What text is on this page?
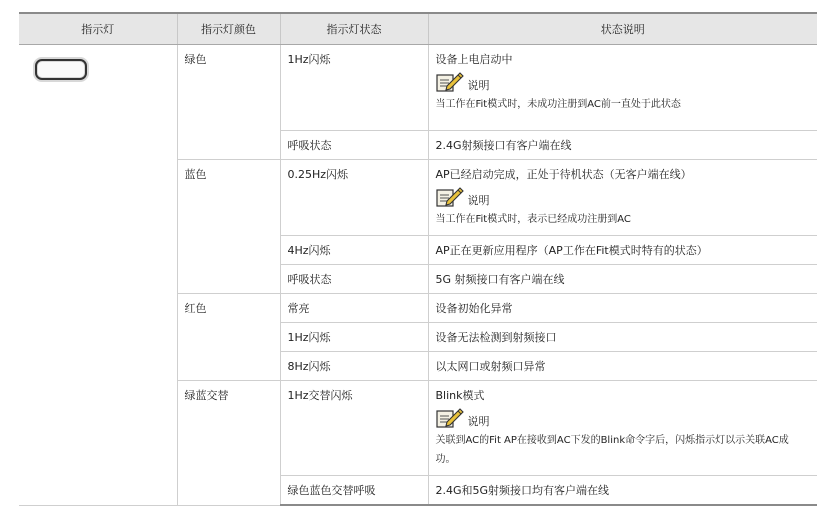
指示灯	指示灯颜色	指示灯状态	状态说明

	绿色	1Hz闪烁	设备上电启动中
说明
当工作在Fit模式时，未成功注册到AC前一直处于此状态

		呼吸状态	2.4G射频接口有客户端在线
	蓝色	0.25Hz闪烁	AP已经启动完成，正处于待机状态（无客户端在线）
说明
当工作在Fit模式时，表示已经成功注册到AC

		4Hz闪烁	AP正在更新应用程序（AP工作在Fit模式时特有的状态）
		呼吸状态	5G 射频接口有客户端在线
	红色	常亮	设备初始化异常
		1Hz闪烁	设备无法检测到射频接口
		8Hz闪烁	以太网口或射频口异常
	绿蓝交替	1Hz交替闪烁	Blink模式
说明
关联到AC的Fit AP在接收到AC下发的Blink命令字后，闪烁指示灯以示关联AC成功。

		绿色蓝色交替呼吸	2.4G和5G射频接口均有客户端在线
